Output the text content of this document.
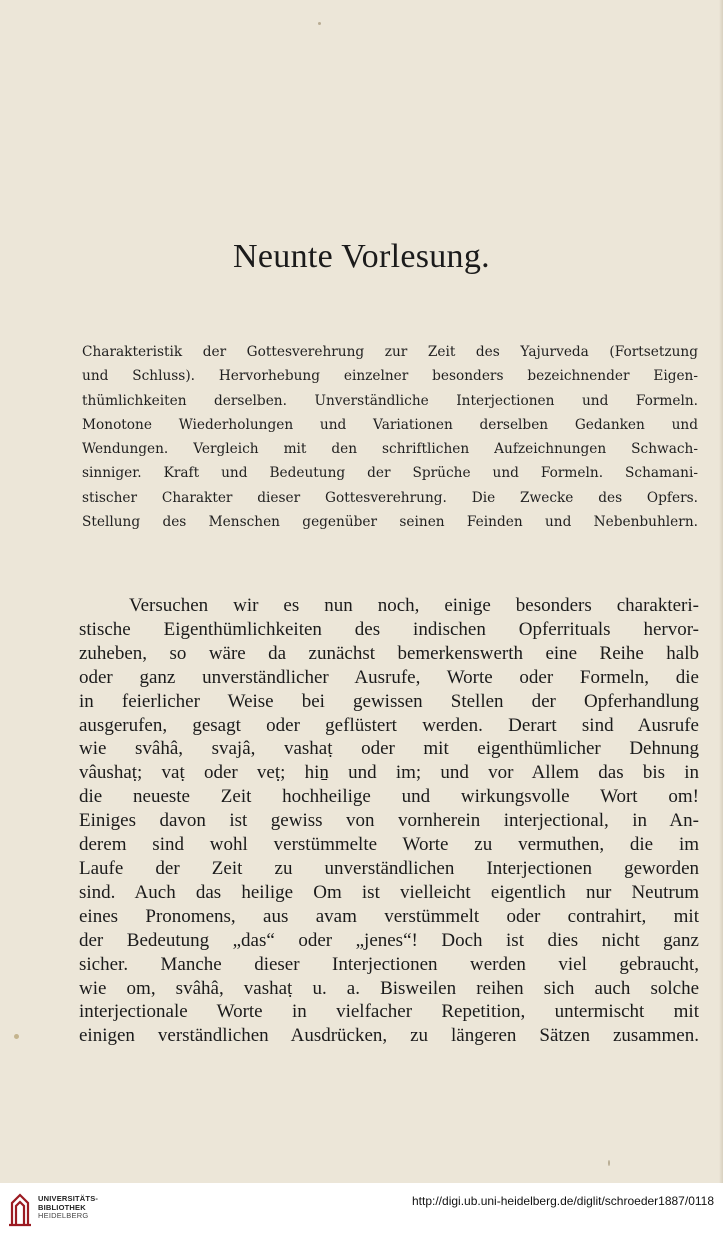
Neunte Vorlesung.
Charakteristik der Gottesverehrung zur Zeit des Yajurveda (Fortsetzung
und Schluss). Hervorhebung einzelner besonders bezeichnender Eigen-
thümlichkeiten derselben. Unverständliche Interjectionen und Formeln.
Monotone Wiederholungen und Variationen derselben Gedanken und
Wendungen. Vergleich mit den schriftlichen Aufzeichnungen Schwach-
sinniger. Kraft und Bedeutung der Sprüche und Formeln. Schamani-
stischer Charakter dieser Gottesverehrung. Die Zwecke des Opfers.
Stellung des Menschen gegenüber seinen Feinden und Nebenbuhlern.
Versuchen wir es nun noch, einige besonders charakteri-
stische Eigenthümlichkeiten des indischen Opferrituals hervor-
zuheben, so wäre da zunächst bemerkenswerth eine Reihe halb
oder ganz unverständlicher Ausrufe, Worte oder Formeln, die
in feierlicher Weise bei gewissen Stellen der Opferhandlung
ausgerufen, gesagt oder geflüstert werden. Derart sind Ausrufe
wie svâhâ, svajâ, vashaṭ oder mit eigenthümlicher Dehnung
vâushaṭ; vaṭ oder veṭ; hiṉ und im; und vor Allem das bis in
die neueste Zeit hochheilige und wirkungsvolle Wort om!
Einiges davon ist gewiss von vornherein interjectional, in An-
derem sind wohl verstümmelte Worte zu vermuthen, die im
Laufe der Zeit zu unverständlichen Interjectionen geworden
sind. Auch das heilige Om ist vielleicht eigentlich nur Neutrum
eines Pronomens, aus avam verstümmelt oder contrahirt, mit
der Bedeutung „das“ oder „jenes“! Doch ist dies nicht ganz
sicher. Manche dieser Interjectionen werden viel gebraucht,
wie om, svâhâ, vashaṭ u. a. Bisweilen reihen sich auch solche
interjectionale Worte in vielfacher Repetition, untermischt mit
einigen verständlichen Ausdrücken, zu längeren Sätzen zusammen.
UNIVERSITÄTS-
BIBLIOTHEK
HEIDELBERG
http://digi.ub.uni-heidelberg.de/diglit/schroeder1887/0118
